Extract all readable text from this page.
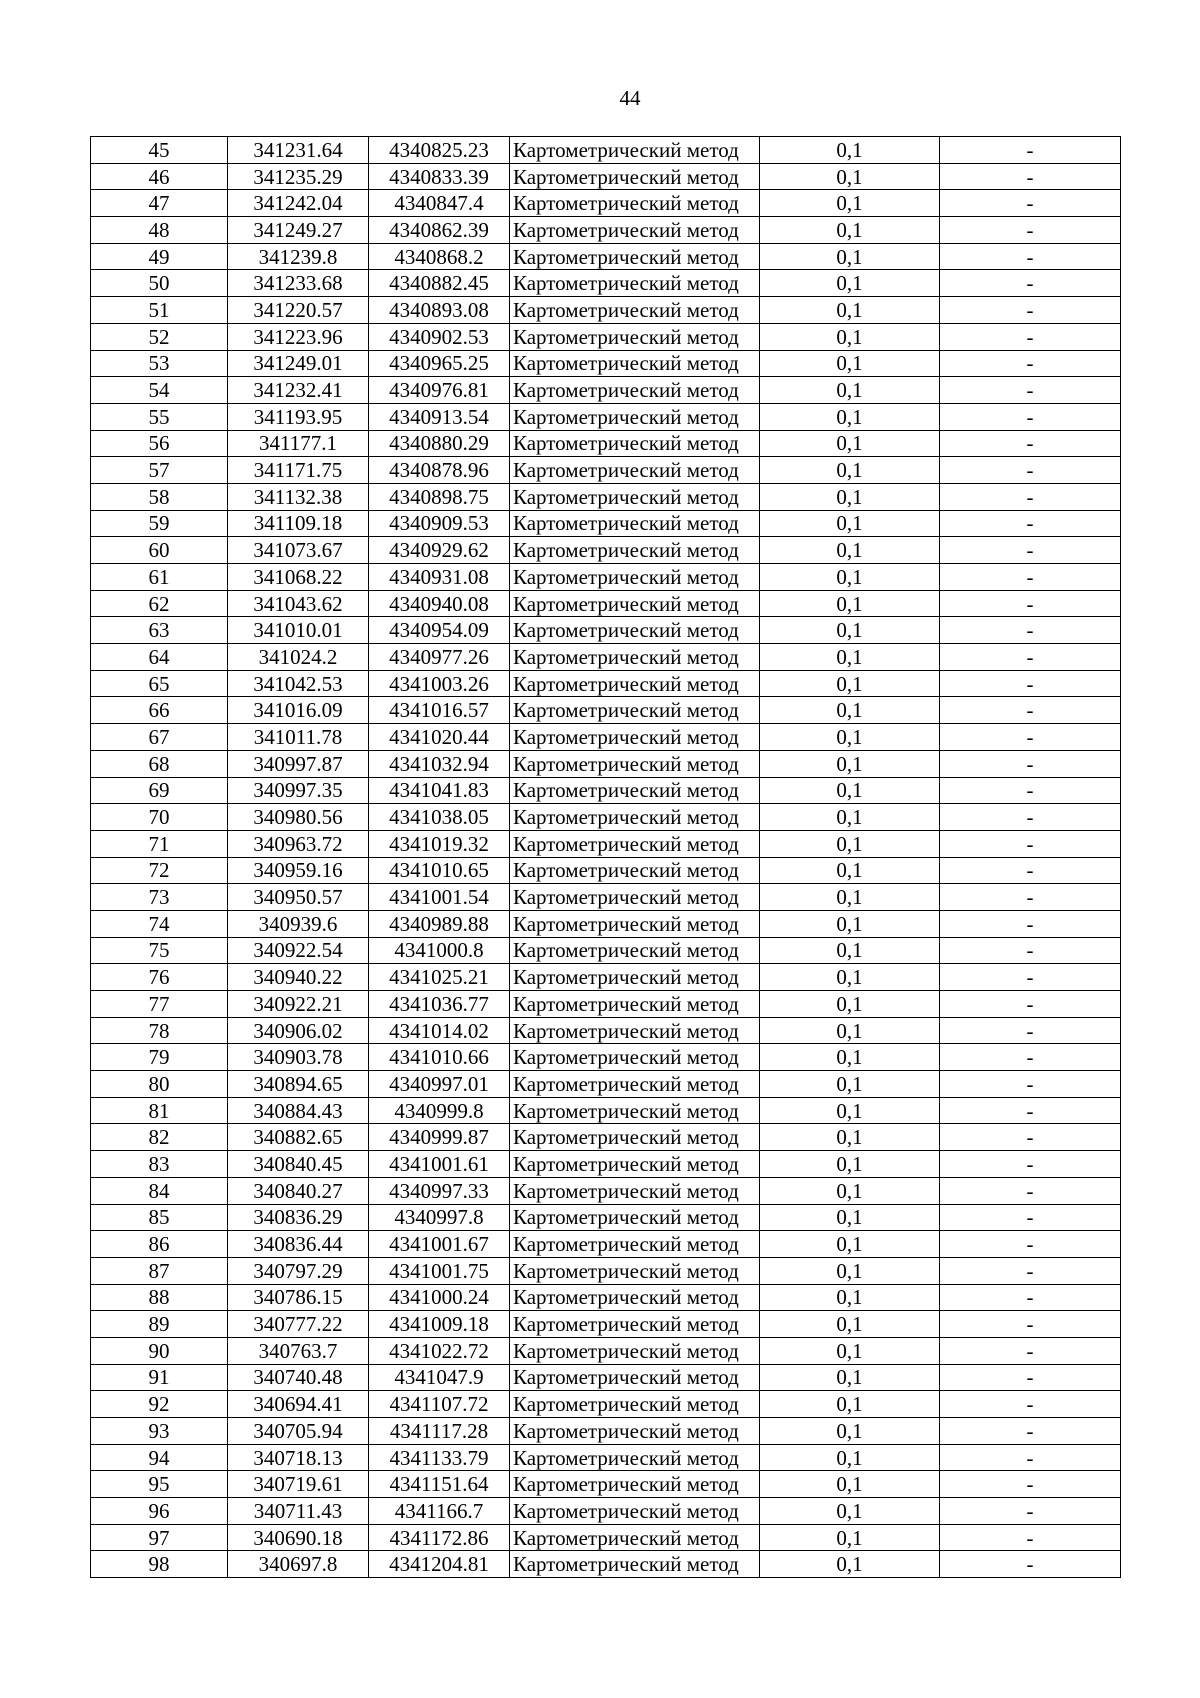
44
45	341231.64	4340825.23	Картометрический метод	0,1	-
46	341235.29	4340833.39	Картометрический метод	0,1	-
47	341242.04	4340847.4	Картометрический метод	0,1	-
48	341249.27	4340862.39	Картометрический метод	0,1	-
49	341239.8	4340868.2	Картометрический метод	0,1	-
50	341233.68	4340882.45	Картометрический метод	0,1	-
51	341220.57	4340893.08	Картометрический метод	0,1	-
52	341223.96	4340902.53	Картометрический метод	0,1	-
53	341249.01	4340965.25	Картометрический метод	0,1	-
54	341232.41	4340976.81	Картометрический метод	0,1	-
55	341193.95	4340913.54	Картометрический метод	0,1	-
56	341177.1	4340880.29	Картометрический метод	0,1	-
57	341171.75	4340878.96	Картометрический метод	0,1	-
58	341132.38	4340898.75	Картометрический метод	0,1	-
59	341109.18	4340909.53	Картометрический метод	0,1	-
60	341073.67	4340929.62	Картометрический метод	0,1	-
61	341068.22	4340931.08	Картометрический метод	0,1	-
62	341043.62	4340940.08	Картометрический метод	0,1	-
63	341010.01	4340954.09	Картометрический метод	0,1	-
64	341024.2	4340977.26	Картометрический метод	0,1	-
65	341042.53	4341003.26	Картометрический метод	0,1	-
66	341016.09	4341016.57	Картометрический метод	0,1	-
67	341011.78	4341020.44	Картометрический метод	0,1	-
68	340997.87	4341032.94	Картометрический метод	0,1	-
69	340997.35	4341041.83	Картометрический метод	0,1	-
70	340980.56	4341038.05	Картометрический метод	0,1	-
71	340963.72	4341019.32	Картометрический метод	0,1	-
72	340959.16	4341010.65	Картометрический метод	0,1	-
73	340950.57	4341001.54	Картометрический метод	0,1	-
74	340939.6	4340989.88	Картометрический метод	0,1	-
75	340922.54	4341000.8	Картометрический метод	0,1	-
76	340940.22	4341025.21	Картометрический метод	0,1	-
77	340922.21	4341036.77	Картометрический метод	0,1	-
78	340906.02	4341014.02	Картометрический метод	0,1	-
79	340903.78	4341010.66	Картометрический метод	0,1	-
80	340894.65	4340997.01	Картометрический метод	0,1	-
81	340884.43	4340999.8	Картометрический метод	0,1	-
82	340882.65	4340999.87	Картометрический метод	0,1	-
83	340840.45	4341001.61	Картометрический метод	0,1	-
84	340840.27	4340997.33	Картометрический метод	0,1	-
85	340836.29	4340997.8	Картометрический метод	0,1	-
86	340836.44	4341001.67	Картометрический метод	0,1	-
87	340797.29	4341001.75	Картометрический метод	0,1	-
88	340786.15	4341000.24	Картометрический метод	0,1	-
89	340777.22	4341009.18	Картометрический метод	0,1	-
90	340763.7	4341022.72	Картометрический метод	0,1	-
91	340740.48	4341047.9	Картометрический метод	0,1	-
92	340694.41	4341107.72	Картометрический метод	0,1	-
93	340705.94	4341117.28	Картометрический метод	0,1	-
94	340718.13	4341133.79	Картометрический метод	0,1	-
95	340719.61	4341151.64	Картометрический метод	0,1	-
96	340711.43	4341166.7	Картометрический метод	0,1	-
97	340690.18	4341172.86	Картометрический метод	0,1	-
98	340697.8	4341204.81	Картометрический метод	0,1	-
